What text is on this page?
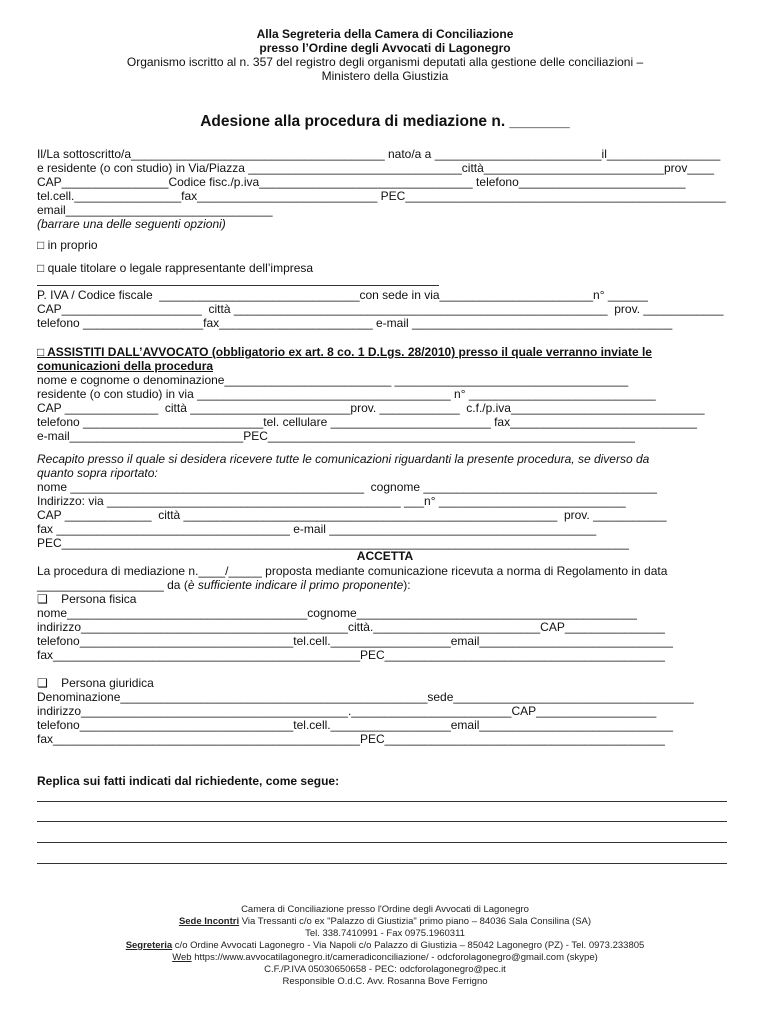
Alla Segreteria della Camera di Conciliazione
presso l’Ordine degli Avvocati di Lagonegro
Organismo iscritto al n. 357 del registro degli organismi deputati alla gestione delle conciliazioni –
Ministero della Giustizia
Adesione alla procedura di mediazione n. _______
Il/La sottoscritto/a______________________________________ nato/a a _________________________il_________________
e residente (o con studio) in Via/Piazza ________________________________città___________________________prov____
CAP________________Codice fisc./p.iva________________________________ telefono_________________________
tel.cell.________________fax___________________________ PEC________________________________________________
email_______________________________
(barrare una delle seguenti opzioni)
□ in proprio
□ quale titolare o legale rappresentante dell’impresa
P. IVA / Codice fiscale  ______________________________con sede in via_______________________n° ______
CAP_____________________  città ________________________________________________________  prov. ____________
telefono __________________fax_______________________ e-mail _______________________________________
□ ASSISTITI DALL’AVVOCATO (obbligatorio ex art. 8 co. 1 D.Lgs. 28/2010) presso il quale verranno inviate le
comunicazioni della procedura
nome e cognome o denominazione_________________________ ___________________________________
residente (o con studio) in via ______________________________________ n° ____________________________
CAP ______________  città ________________________prov. ____________  c.f./p.iva_____________________________
telefono ___________________________tel. cellulare ________________________ fax____________________________
e-mail__________________________PEC_______________________________________________________
Recapito presso il quale si desidera ricevere tutte le comunicazioni riguardanti la presente procedura, se diverso da
quanto sopra riportato:
nome ____________________________________________  cognome ___________________________________
Indirizzo: via ____________________________________________ ___n° ____________________________
CAP _____________  città ________________________________________________________  prov. ___________
fax ___________________________________ e-mail ________________________________________
PEC_____________________________________________________________________________________
ACCETTA
La procedura di mediazione n.____/_____ proposta mediante comunicazione ricevuta a norma di Regolamento in data
___________________ da (è sufficiente indicare il primo proponente):
❑    Persona fisica
nome____________________________________cognome__________________________________________
indirizzo________________________________________città._________________________CAP_______________
telefono________________________________tel.cell.__________________email_____________________________
fax______________________________________________PEC__________________________________________
❑    Persona giuridica
Denominazione______________________________________________sede____________________________________
indirizzo________________________________________.________________________CAP__________________
telefono________________________________tel.cell.__________________email_____________________________
fax______________________________________________PEC__________________________________________
Replica sui fatti indicati dal richiedente, come segue:
Camera di Conciliazione presso l'Ordine degli Avvocati di Lagonegro
Sede Incontri Via Tressanti c/o ex "Palazzo di Giustizia" primo piano – 84036 Sala Consilina (SA)
Tel. 338.7410991 - Fax 0975.1960311
Segreteria c/o Ordine Avvocati Lagonegro - Via Napoli c/o Palazzo di Giustizia – 85042 Lagonegro (PZ) - Tel. 0973.233805
Web https://www.avvocatilagonegro.it/cameradiconciliazione/ - odcforolagonegro@gmail.com (skype)
C.F./P.IVA 05030650658 - PEC: odcforolagonegro@pec.it
Responsible O.d.C. Avv. Rosanna Bove Ferrigno
